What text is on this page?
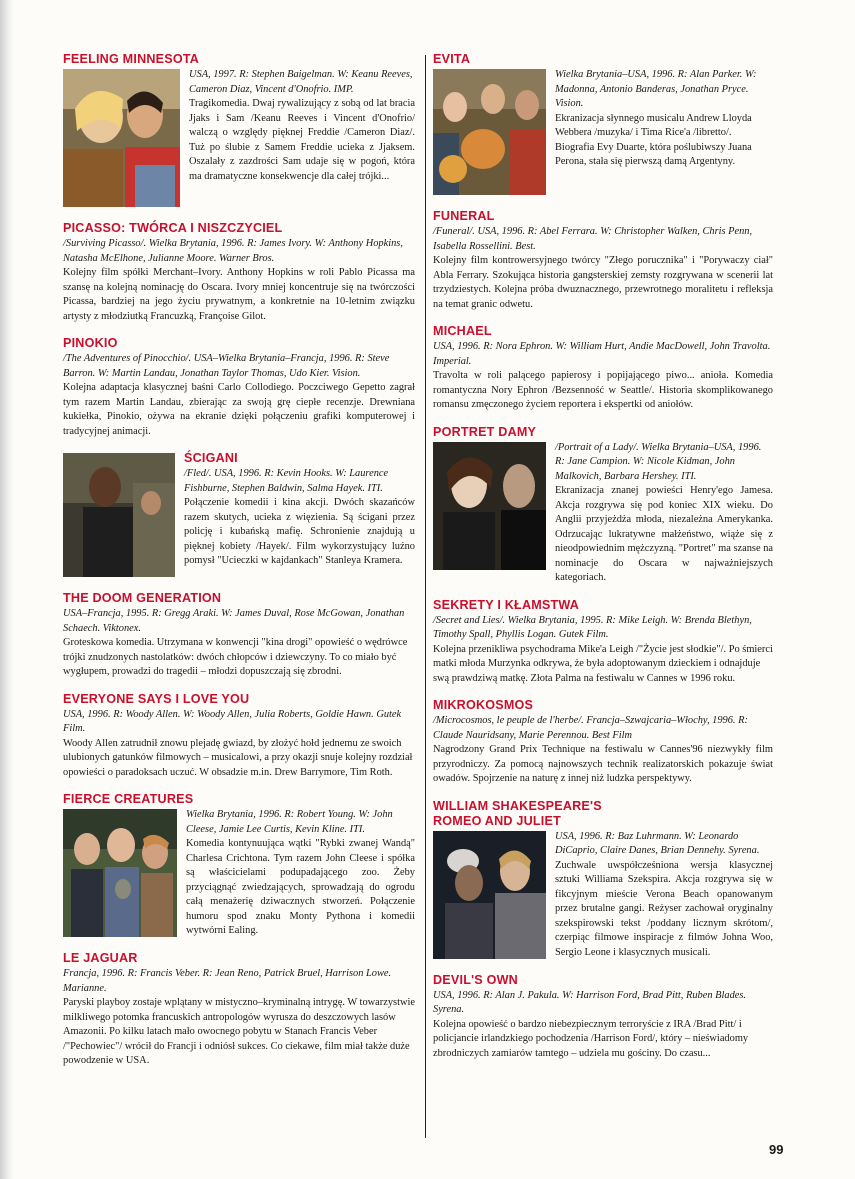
FEELING MINNESOTA

USA, 1997. R: Stephen Baigelman. W: Keanu Reeves, Cameron Diaz, Vincent d'Onofrio. IMP.

Tragikomedia. Dwaj rywalizujący z sobą od lat bracia Jjaks i Sam /Keanu Reeves i Vincent d'Onofrio/ walczą o względy pięknej Freddie /Cameron Diaz/. Tuż po ślubie z Samem Freddie ucieka z Jjaksem. Oszalały z zazdrości Sam udaje się w pogoń, która ma dramatyczne konsekwencje dla całej trójki...

PICASSO: TWÓRCA I NISZCZYCIEL

/Surviving Picasso/. Wielka Brytania, 1996. R: James Ivory. W: Anthony Hopkins, Natasha McElhone, Julianne Moore. Warner Bros.

Kolejny film spółki Merchant–Ivory. Anthony Hopkins w roli Pablo Picassa ma szansę na kolejną nominację do Oscara. Ivory mniej koncentruje się na twórczości Picassa, bardziej na jego życiu prywatnym, a konkretnie na 10-letnim związku artysty z młodziutką Francuzką, Françoise Gilot.

PINOKIO

/The Adventures of Pinocchio/. USA–Wielka Brytania–Francja, 1996. R: Steve Barron. W: Martin Landau, Jonathan Taylor Thomas, Udo Kier. Vision.

Kolejna adaptacja klasycznej baśni Carlo Collodiego. Poczciwego Gepetto zagrał tym razem Martin Landau, zbierając za swoją grę ciepłe recenzje. Drewniana kukiełka, Pinokio, ożywa na ekranie dzięki połączeniu grafiki komputerowej i tradycyjnej animacji.

ŚCIGANI

/Fled/. USA, 1996. R: Kevin Hooks. W: Laurence Fishburne, Stephen Baldwin, Salma Hayek. ITI.

Połączenie komedii i kina akcji. Dwóch skazańców razem skutych, ucieka z więzienia. Są ścigani przez policję i kubańską mafię. Schronienie znajdują u pięknej kobiety /Hayek/. Film wykorzystujący luźno pomysł "Ucieczki w kajdankach" Stanleya Kramera.

THE DOOM GENERATION

USA–Francja, 1995. R: Gregg Araki. W: James Duval, Rose McGowan, Jonathan Schaech. Viktonex.

Groteskowa komedia. Utrzymana w konwencji "kina drogi" opowieść o wędrówce trójki znudzonych nastolatków: dwóch chłopców i dziewczyny. To co miało być wygłupem, prowadzi do tragedii – młodzi dopuszczają się zbrodni.

EVERYONE SAYS I LOVE YOU

USA, 1996. R: Woody Allen. W: Woody Allen, Julia Roberts, Goldie Hawn. Gutek Film.

Woody Allen zatrudnił znowu plejadę gwiazd, by złożyć hołd jednemu ze swoich ulubionych gatunków filmowych – musicalowi, a przy okazji snuje kolejny rozdział opowieści o paradoksach uczuć. W obsadzie m.in. Drew Barrymore, Tim Roth.

FIERCE CREATURES

Wielka Brytania, 1996. R: Robert Young. W: John Cleese, Jamie Lee Curtis, Kevin Kline. ITI.

Komedia kontynuująca wątki "Rybki zwanej Wandą" Charlesa Crichtona. Tym razem John Cleese i spółka są właścicielami podupadającego zoo. Żeby przyciągnąć zwiedzających, sprowadzają do ogrodu całą menażerię dziwacznych stworzeń. Połączenie humoru spod znaku Monty Pythona i komedii wytwórni Ealing.

LE JAGUAR

Francja, 1996. R: Francis Veber. R: Jean Reno, Patrick Bruel, Harrison Lowe. Mariannе.

Paryski playboy zostaje wplątany w mistyczno–kryminalną intrygę. W towarzystwie milkliwego potomka francuskich antropologów wyrusza do deszczowych lasów Amazonii. Po kilku latach mało owocnego pobytu w Stanach Francis Veber /"Pechowiec"/ wrócił do Francji i odniósł sukces. Co ciekawe, film miał także duże powodzenie w USA.

EVITA

Wielka Brytania–USA, 1996. R: Alan Parker. W: Madonna, Antonio Banderas, Jonathan Pryce. Vision.

Ekranizacja słynnego musicalu Andrew Lloyda Webbera /muzyka/ i Tima Rice'a /libretto/. Biografia Evy Duarte, która poślubiwszy Juana Perona, stała się pierwszą damą Argentyny.

FUNERAL

/Funeral/. USA, 1996. R: Abel Ferrara. W: Christopher Walken, Chris Penn, Isabella Rossellini. Best.

Kolejny film kontrowersyjnego twórcy "Złego porucznika" i "Porywaczy ciał" Abla Ferrary. Szokująca historia gangsterskiej zemsty rozgrywana w scenerii lat trzydziestych. Kolejna próba dwuznacznego, przewrotnego moralitetu i refleksja na temat granic odwetu.

MICHAEL

USA, 1996. R: Nora Ephron. W: William Hurt, Andie MacDowell, John Travolta. Imperial.

Travolta w roli palącego papierosy i popijającego piwo... anioła. Komedia romantyczna Nory Ephron /Bezsenność w Seattle/. Historia skomplikowanego romansu zmęczonego życiem reportera i ekspertki od aniołów.

PORTRET DAMY

/Portrait of a Lady/. Wielka Brytania–USA, 1996. R: Jane Campion. W: Nicole Kidman, John Malkovich, Barbara Hershey. ITI.

Ekranizacja znanej powieści Henry'ego Jamesa. Akcja rozgrywa się pod koniec XIX wieku. Do Anglii przyjeżdża młoda, niezależna Amerykanka. Odrzucając lukratywne małżeństwo, wiąże się z nieodpowiednim mężczyzną. "Portret" ma szanse na nominacje do Oscara w najważniejszych kategoriach.

SEKRETY I KŁAMSTWA

/Secret and Lies/. Wielka Brytania, 1995. R: Mike Leigh. W: Brenda Blethyn, Timothy Spall, Phyllis Logan. Gutek Film.

Kolejna przenikliwa psychodrama Mike'a Leigh /"Życie jest słodkie"/. Po śmierci matki młoda Murzynka odkrywa, że była adoptowanym dzieckiem i odnajduje swą prawdziwą matkę. Złota Palma na festiwalu w Cannes w 1996 roku.

MIKROKOSMOS

/Microcosmos, le peuple de l'herbe/. Francja–Szwajcaria–Włochy, 1996. R: Claude Nauridsany, Marie Perennou. Best Film

Nagrodzony Grand Prix Technique na festiwalu w Cannes'96 niezwykły film przyrodniczy. Za pomocą najnowszych technik realizatorskich pokazuje świat owadów. Spojrzenie na naturę z innej niż ludzka perspektywy.

WILLIAM SHAKESPEARE'S ROMEO AND JULIET

USA, 1996. R: Baz Luhrmann. W: Leonardo DiCaprio, Claire Danes, Brian Dennehy. Syrena.

Zuchwale uwspółcześniona wersja klasycznej sztuki Williama Szekspira. Akcja rozgrywa się w fikcyjnym mieście Verona Beach opanowanym przez brutalne gangi. Reżyser zachował oryginalny szekspirowski tekst /poddany licznym skrótom/, czerpiąc filmowe inspiracje z filmów Johna Woo, Sergio Leone i klasycznych musicali.

DEVIL'S OWN

USA, 1996. R: Alan J. Pakula. W: Harrison Ford, Brad Pitt, Ruben Blades. Syrena.

Kolejna opowieść o bardzo niebezpiecznym terroryście z IRA /Brad Pitt/ i policjancie irlandzkiego pochodzenia /Harrison Ford/, który – nieświadomy zbrodniczych zamiarów tamtego – udziela mu gościny. Do czasu...

99
